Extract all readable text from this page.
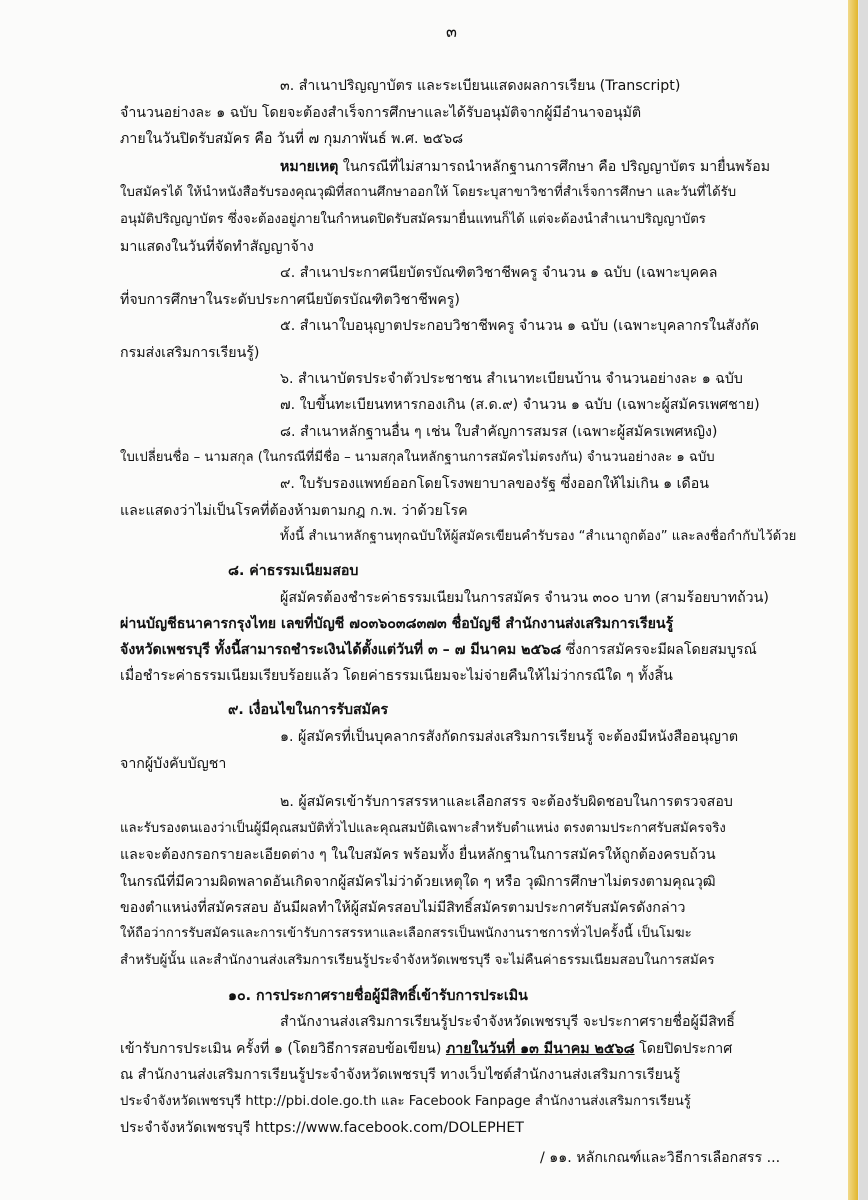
๓
๓. สำเนาปริญญาบัตร และระเบียนแสดงผลการเรียน (Transcript)
จำนวนอย่างละ ๑ ฉบับ โดยจะต้องสำเร็จการศึกษาและได้รับอนุมัติจากผู้มีอำนาจอนุมัติ
ภายในวันปิดรับสมัคร คือ วันที่ ๗ กุมภาพันธ์ พ.ศ. ๒๕๖๘
หมายเหตุ ในกรณีที่ไม่สามารถนำหลักฐานการศึกษา คือ ปริญญาบัตร มายื่นพร้อม
ใบสมัครได้ ให้นำหนังสือรับรองคุณวุฒิที่สถานศึกษาออกให้ โดยระบุสาขาวิชาที่สำเร็จการศึกษา และวันที่ได้รับ
อนุมัติปริญญาบัตร ซึ่งจะต้องอยู่ภายในกำหนดปิดรับสมัครมายื่นแทนก็ได้ แต่จะต้องนำสำเนาปริญญาบัตร
มาแสดงในวันที่จัดทำสัญญาจ้าง
๔. สำเนาประกาศนียบัตรบัณฑิตวิชาชีพครู จำนวน ๑ ฉบับ (เฉพาะบุคคล
ที่จบการศึกษาในระดับประกาศนียบัตรบัณฑิตวิชาชีพครู)
๕. สำเนาใบอนุญาตประกอบวิชาชีพครู จำนวน ๑ ฉบับ (เฉพาะบุคลากรในสังกัด
กรมส่งเสริมการเรียนรู้)
๖. สำเนาบัตรประจำตัวประชาชน สำเนาทะเบียนบ้าน จำนวนอย่างละ ๑ ฉบับ
๗. ใบขึ้นทะเบียนทหารกองเกิน (ส.ด.๙) จำนวน ๑ ฉบับ (เฉพาะผู้สมัครเพศชาย)
๘. สำเนาหลักฐานอื่น ๆ เช่น ใบสำคัญการสมรส (เฉพาะผู้สมัครเพศหญิง)
ใบเปลี่ยนชื่อ – นามสกุล (ในกรณีที่มีชื่อ – นามสกุลในหลักฐานการสมัครไม่ตรงกัน) จำนวนอย่างละ ๑ ฉบับ
๙. ใบรับรองแพทย์ออกโดยโรงพยาบาลของรัฐ ซึ่งออกให้ไม่เกิน ๑ เดือน
และแสดงว่าไม่เป็นโรคที่ต้องห้ามตามกฎ ก.พ. ว่าด้วยโรค
ทั้งนี้ สำเนาหลักฐานทุกฉบับให้ผู้สมัครเขียนคำรับรอง “สำเนาถูกต้อง” และลงชื่อกำกับไว้ด้วย
๘. ค่าธรรมเนียมสอบ
ผู้สมัครต้องชำระค่าธรรมเนียมในการสมัคร จำนวน ๓๐๐ บาท (สามร้อยบาทถ้วน)
ผ่านบัญชีธนาคารกรุงไทย เลขที่บัญชี ๗๐๓๖๐๓๘๓๗๓ ชื่อบัญชี สำนักงานส่งเสริมการเรียนรู้
จังหวัดเพชรบุรี ทั้งนี้สามารถชำระเงินได้ตั้งแต่วันที่ ๓ – ๗ มีนาคม ๒๕๖๘ ซึ่งการสมัครจะมีผลโดยสมบูรณ์
เมื่อชำระค่าธรรมเนียมเรียบร้อยแล้ว โดยค่าธรรมเนียมจะไม่จ่ายคืนให้ไม่ว่ากรณีใด ๆ ทั้งสิ้น
๙. เงื่อนไขในการรับสมัคร
๑. ผู้สมัครที่เป็นบุคลากรสังกัดกรมส่งเสริมการเรียนรู้ จะต้องมีหนังสืออนุญาต
จากผู้บังคับบัญชา
๒. ผู้สมัครเข้ารับการสรรหาและเลือกสรร จะต้องรับผิดชอบในการตรวจสอบ
และรับรองตนเองว่าเป็นผู้มีคุณสมบัติทั่วไปและคุณสมบัติเฉพาะสำหรับตำแหน่ง ตรงตามประกาศรับสมัครจริง
และจะต้องกรอกรายละเอียดต่าง ๆ ในใบสมัคร พร้อมทั้ง ยื่นหลักฐานในการสมัครให้ถูกต้องครบถ้วน
ในกรณีที่มีความผิดพลาดอันเกิดจากผู้สมัครไม่ว่าด้วยเหตุใด ๆ หรือ วุฒิการศึกษาไม่ตรงตามคุณวุฒิ
ของตำแหน่งที่สมัครสอบ อันมีผลทำให้ผู้สมัครสอบไม่มีสิทธิ์สมัครตามประกาศรับสมัครดังกล่าว
ให้ถือว่าการรับสมัครและการเข้ารับการสรรหาและเลือกสรรเป็นพนักงานราชการทั่วไปครั้งนี้ เป็นโมฆะ
สำหรับผู้นั้น และสำนักงานส่งเสริมการเรียนรู้ประจำจังหวัดเพชรบุรี จะไม่คืนค่าธรรมเนียมสอบในการสมัคร
๑๐. การประกาศรายชื่อผู้มีสิทธิ์เข้ารับการประเมิน
สำนักงานส่งเสริมการเรียนรู้ประจำจังหวัดเพชรบุรี จะประกาศรายชื่อผู้มีสิทธิ์
เข้ารับการประเมิน ครั้งที่ ๑ (โดยวิธีการสอบข้อเขียน) ภายในวันที่ ๑๓ มีนาคม ๒๕๖๘ โดยปิดประกาศ
ณ สำนักงานส่งเสริมการเรียนรู้ประจำจังหวัดเพชรบุรี ทางเว็บไซต์สำนักงานส่งเสริมการเรียนรู้
ประจำจังหวัดเพชรบุรี http://pbi.dole.go.th และ Facebook Fanpage สำนักงานส่งเสริมการเรียนรู้
ประจำจังหวัดเพชรบุรี https://www.facebook.com/DOLEPHET
/ ๑๑. หลักเกณฑ์และวิธีการเลือกสรร ...
